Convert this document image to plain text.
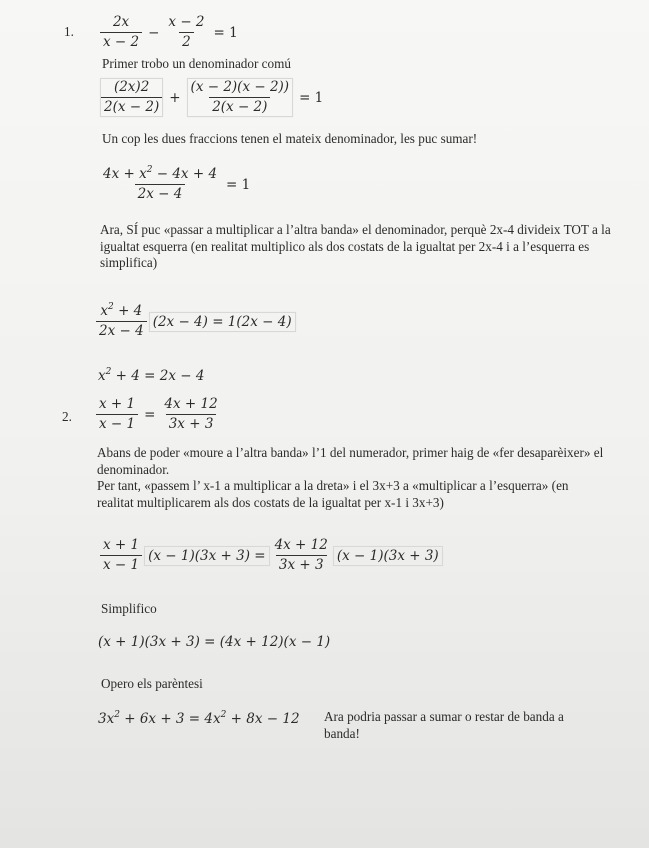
1. $\frac{2x}{x - 2} - \frac{x - 2}{2} = 1$
Primer trobo un denominador comú
$\frac{(2x)2}{2(x - 2)} + \frac{(x - 2)(x - 2))}{2(x - 2)} = 1$
Un cop les dues fraccions tenen el mateix denominador, les puc sumar!
$\frac{4x + x^2 - 4x + 4}{2x - 4} = 1$
Ara, SÍ puc «passar a multiplicar a l’altra banda» el denominador, perquè 2x-4 divideix TOT a la igualtat esquerra (en realitat multiplico als dos costats de la igualtat per 2x-4 i a l’esquerra es simplifica)
$\frac{x^2 + 4}{2x - 4} (2x - 4) = 1(2x - 4)$
$x^2 + 4 = 2x - 4$
2. $\frac{x + 1}{x - 1} = \frac{4x + 12}{3x + 3}$
Abans de poder «moure a l’altra banda» l’1 del numerador, primer haig de «fer desaparèixer» el denominador.
Per tant, «passem l’ x-1 a multiplicar a la dreta» i el 3x+3 a «multiplicar a l’esquerra» (en realitat multiplicarem als dos costats de la igualtat per x-1 i 3x+3)
$\frac{x + 1}{x - 1} (x - 1)(3x + 3) = \frac{4x + 12}{3x + 3} (x - 1)(3x + 3)$
Simplifico
(x + 1)(3x + 3) = (4x + 12)(x − 1)
Opero els parèntesi
$3x^2 + 6x + 3 = 4x^2 + 8x - 12$ Ara podria passar a sumar o restar de banda a banda!
